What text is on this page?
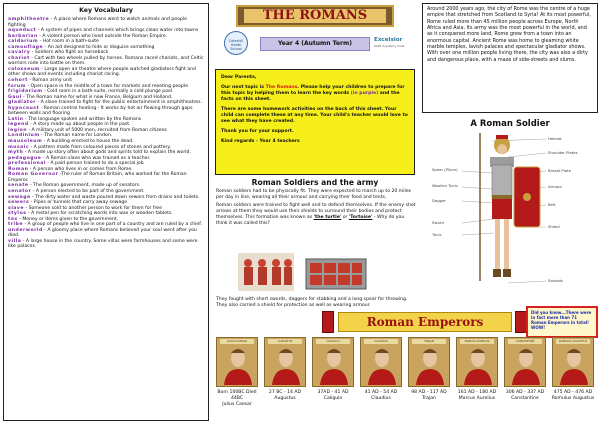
Key Vocabulary
amphitheatre - A place where Romans went to watch animals and people fighting
aqueduct - A system of pipes and channels which brings clean water into towns
barbarian - A violent person who lived outside the Roman Empire.
caldarium - Hot room in a bath-suite
camouflage - An aid designed to hide or disguise something
cavalry - Soldiers who fight on horseback
chariot - Cart with two wheels pulled by horses. Romans raced chariots, and Celtic warriors rode into battle on them.
colosseum - Large open air theatre where people watched gladiators fight and other shows and events including chariot racing.
cohort - Roman army unit
forum - Open space in the middle of a town for markets and meeting people
frigidarium - Cold room in a bath-suite, normally a cold plunge pool
Gaul - The Roman name for what is now France, Belgium and Holland.
gladiator - A slave trained to fight for the public entertainment in amphitheatres.
hypocaust - Roman central heating - It works by hot air flowing through gaps between walls and flooring
Latin - The language spoken and written by the Romans
legend - A story made up about people in the past.
legion - A military unit of 5000 men, recruited from Roman citizens
Londinium - The Roman name for London.
mausoleum - A building erected to house the dead.
mosaic - A pattern made from coloured pieces of stones and pottery.
myth - A made up story often about gods and spirits told to explain the world.
pedagogue - A Roman slave who was trained as a teacher.
professional - A paid person trained to do a special job
Roman - A person who lives in or comes from Rome.
Roman Governor -The ruler of Roman Britain, who worked for the Roman Emperor.
senate - The Roman government, made up of senators.
senator - A person elected to be part of the government.
sewage - The dirty water and waste poured down sewers from drains and toilets.
sewers - Pipes or tunnels that carry away sewage
slave - Someone sold to another person to work for them for free
stylus - A metal pen for scratching words into wax or wooden tablets.
tax - Money or items given to the government.
tribe - A group of people who live in one part of a country and are ruled by a chief.
underworld - A gloomy place where Romans believed your soul went after you died.
villa - A large house in the country. Some villas were farmhouses and some were like palaces.
THE ROMANS
Coleshill Heath School
Year 4 (Autumn Term)	Excelsior
Multi Academy Trust

Dear Parents,

Our next topic is The Romans. Please help your children to prepare for this topic by helping them to learn the key words (in purple) and the facts on this sheet.

There are some homework activities on the back of this sheet. Your child can complete these at any time. Your child's teacher would love to see what they have created.

Thank you for your support.

Kind regards - Year 4 teachers

Roman Soldiers and the army

Roman soldiers had to be physically fit. They were expected to march up to 20 miles per day in line, wearing all their armour and carrying their food and tents.

Roman soldiers were trained to fight well and to defend themselves. If the enemy shot arrows at them they would use their shields to surround their bodies and protect themselves. This formation was known as 'the turtle' or 'Tortoise' - Why do you think it was called this?

They fought with short swords, daggers for stabbing and a long spear for throwing. They also carried a shield for protection as well as wearing armour.
Around 2000 years ago, the city of Rome was the centre of a huge empire that stretched from Scotland to Syria! At its most powerful, Rome ruled more than 45 million people across Europe, North Africa and Asia. Its army was the most powerful in the world, and as it conquered more land, Rome grew from a town into an enormous capital. Ancient Rome was home to gleaming white marble temples, lavish palaces and spectacular gladiator shows. With over one million people living there, the city was also a dirty and dangerous place, with a maze of side-streets and slums.
A Roman Soldier
Helmet
Shoulder Plates
Spear (Pilum)
Woollen Tunic
Dagger
Sword
Tunic
Breast Plate
Armour
Belt
Shield
Sandals
Roman Emperors
Did you know...There were in fact more than 71 Roman Emperors in total! WOW!
JULIUS CAESAR	AUGUSTUS	CALIGULA	CLAUDIUS	TRAJAN	MARCUS AURELIUS	CONSTANTINE	ROMULUS AUGUSTUS
Born 100BC Died 44BC
Julius Caesar
27 BC - 14 AD
Augustus
37AD - 41 AD
Caligula
41 AD - 54 AD
Claudius
98 AD - 117 AD
Trajan
161 AD - 180 AD
Marcus Aurelius
306 AD - 337 AD
Constantine
475 AD - 476 AD
Romulus Augustus
